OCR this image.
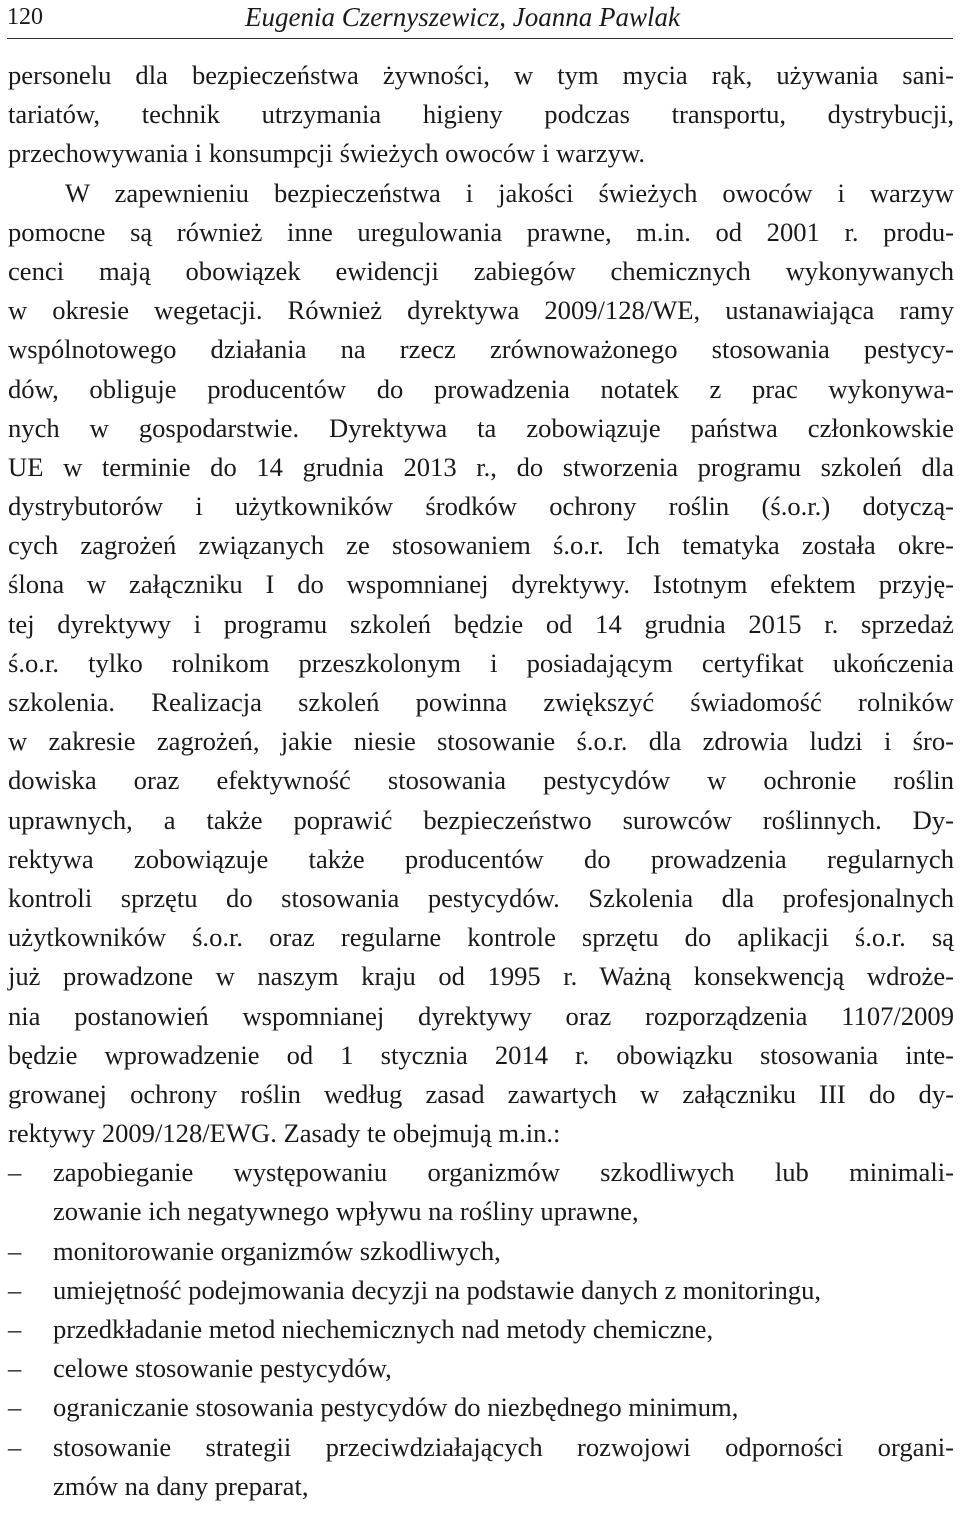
120	Eugenia Czernyszewicz, Joanna Pawlak
personelu dla bezpieczeństwa żywności, w tym mycia rąk, używania sani-
tariatów, technik utrzymania higieny podczas transportu, dystrybucji,
przechowywania i konsumpcji świeżych owoców i warzyw.
W zapewnieniu bezpieczeństwa i jakości świeżych owoców i warzyw
pomocne są również inne uregulowania prawne, m.in. od 2001 r. produ-
cenci mają obowiązek ewidencji zabiegów chemicznych wykonywanych
w okresie wegetacji. Również dyrektywa 2009/128/WE, ustanawiająca ramy
wspólnotowego działania na rzecz zrównoważonego stosowania pestycy-
dów, obliguje producentów do prowadzenia notatek z prac wykonywa-
nych w gospodarstwie. Dyrektywa ta zobowiązuje państwa członkowskie
UE w terminie do 14 grudnia 2013 r., do stworzenia programu szkoleń dla
dystrybutorów i użytkowników środków ochrony roślin (ś.o.r.) dotyczą-
cych zagrożeń związanych ze stosowaniem ś.o.r. Ich tematyka została okre-
ślona w załączniku I do wspomnianej dyrektywy. Istotnym efektem przyję-
tej dyrektywy i programu szkoleń będzie od 14 grudnia 2015 r. sprzedaż
ś.o.r. tylko rolnikom przeszkolonym i posiadającym certyfikat ukończenia
szkolenia. Realizacja szkoleń powinna zwiększyć świadomość rolników
w zakresie zagrożeń, jakie niesie stosowanie ś.o.r. dla zdrowia ludzi i śro-
dowiska oraz efektywność stosowania pestycydów w ochronie roślin
uprawnych, a także poprawić bezpieczeństwo surowców roślinnych. Dy-
rektywa zobowiązuje także producentów do prowadzenia regularnych
kontroli sprzętu do stosowania pestycydów. Szkolenia dla profesjonalnych
użytkowników ś.o.r. oraz regularne kontrole sprzętu do aplikacji ś.o.r. są
już prowadzone w naszym kraju od 1995 r. Ważną konsekwencją wdroże-
nia postanowień wspomnianej dyrektywy oraz rozporządzenia 1107/2009
będzie wprowadzenie od 1 stycznia 2014 r. obowiązku stosowania inte-
growanej ochrony roślin według zasad zawartych w załączniku III do dy-
rektywy 2009/128/EWG. Zasady te obejmują m.in.:
– zapobieganie występowaniu organizmów szkodliwych lub minimali-
zowanie ich negatywnego wpływu na rośliny uprawne,
– monitorowanie organizmów szkodliwych,
– umiejętność podejmowania decyzji na podstawie danych z monitoringu,
– przedkładanie metod niechemicznych nad metody chemiczne,
– celowe stosowanie pestycydów,
– ograniczanie stosowania pestycydów do niezbędnego minimum,
– stosowanie strategii przeciwdziałających rozwojowi odporności organi-
zmów na dany preparat,
